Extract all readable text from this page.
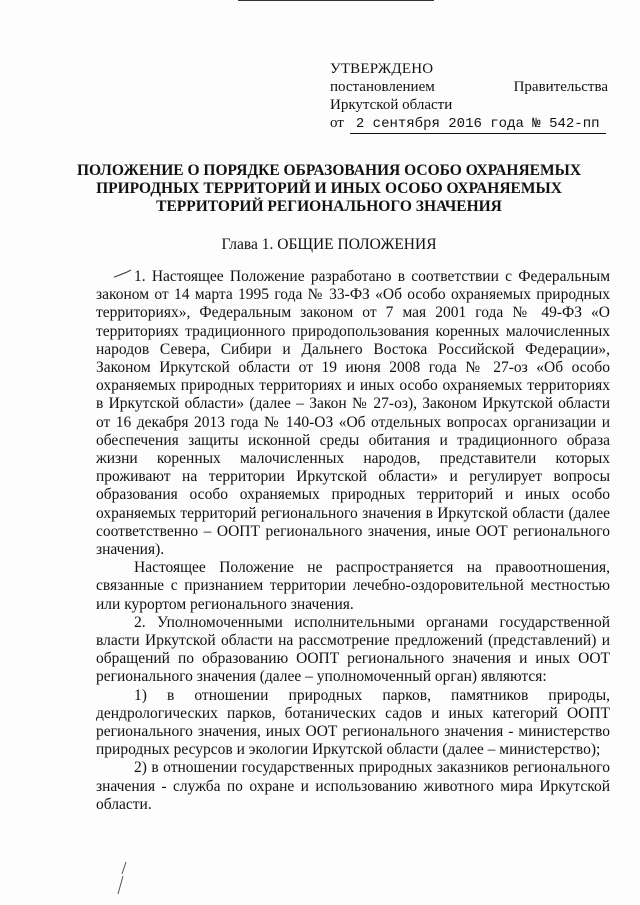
УТВЕРЖДЕНО
постановлением	Правительства
Иркутской области
от 2 сентября 2016 года № 542-пп
ПОЛОЖЕНИЕ О ПОРЯДКЕ ОБРАЗОВАНИЯ ОСОБО ОХРАНЯЕМЫХ ПРИРОДНЫХ ТЕРРИТОРИЙ И ИНЫХ ОСОБО ОХРАНЯЕМЫХ ТЕРРИТОРИЙ РЕГИОНАЛЬНОГО ЗНАЧЕНИЯ
Глава 1. ОБЩИЕ ПОЛОЖЕНИЯ

1. Настоящее Положение разработано в соответствии с Федеральным законом от 14 марта 1995 года № 33-ФЗ «Об особо охраняемых природных территориях», Федеральным законом от 7 мая 2001 года № 49-ФЗ «О территориях традиционного природопользования коренных малочисленных народов Севера, Сибири и Дальнего Востока Российской Федерации», Законом Иркутской области от 19 июня 2008 года № 27-оз «Об особо охраняемых природных территориях и иных особо охраняемых территориях в Иркутской области» (далее – Закон № 27-оз), Законом Иркутской области от 16 декабря 2013 года № 140-ОЗ «Об отдельных вопросах организации и обеспечения защиты исконной среды обитания и традиционного образа жизни коренных малочисленных народов, представители которых проживают на территории Иркутской области» и регулирует вопросы образования особо охраняемых природных территорий и иных особо охраняемых территорий регионального значения в Иркутской области (далее соответственно – ООПТ регионального значения, иные ООТ регионального значения).

Настоящее Положение не распространяется на правоотношения, связанные с признанием территории лечебно-оздоровительной местностью или курортом регионального значения.

2. Уполномоченными исполнительными органами государственной власти Иркутской области на рассмотрение предложений (представлений) и обращений по образованию ООПТ регионального значения и иных ООТ регионального значения (далее – уполномоченный орган) являются:

1) в отношении природных парков, памятников природы, дендрологических парков, ботанических садов и иных категорий ООПТ регионального значения, иных ООТ регионального значения - министерство природных ресурсов и экологии Иркутской области (далее – министерство);

2) в отношении государственных природных заказников регионального значения - служба по охране и использованию животного мира Иркутской области.
